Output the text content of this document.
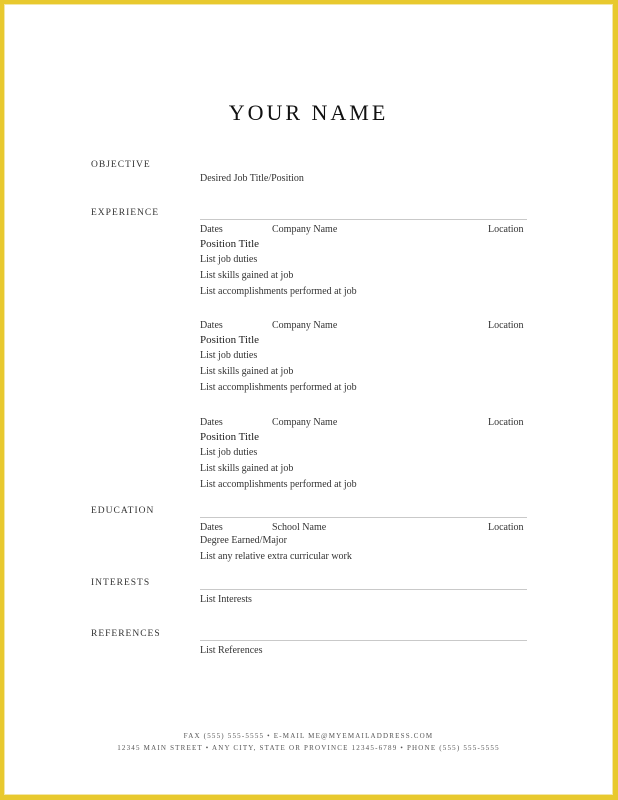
YOUR NAME
OBJECTIVE
Desired Job Title/Position
EXPERIENCE
Dates	Company Name	Location
Position Title
List job duties
List skills gained at job
List accomplishments performed at job
Dates	Company Name	Location
Position Title
List job duties
List skills gained at job
List accomplishments performed at job
Dates	Company Name	Location
Position Title
List job duties
List skills gained at job
List accomplishments performed at job
EDUCATION
Dates	School Name	Location
Degree Earned/Major
List any relative extra curricular work
INTERESTS
List Interests
REFERENCES
List References
FAX (555) 555-5555 • E-MAIL ME@MYEMAILADDRESS.COM
12345 MAIN STREET • ANY CITY, STATE OR PROVINCE 12345-6789 • PHONE (555) 555-5555
